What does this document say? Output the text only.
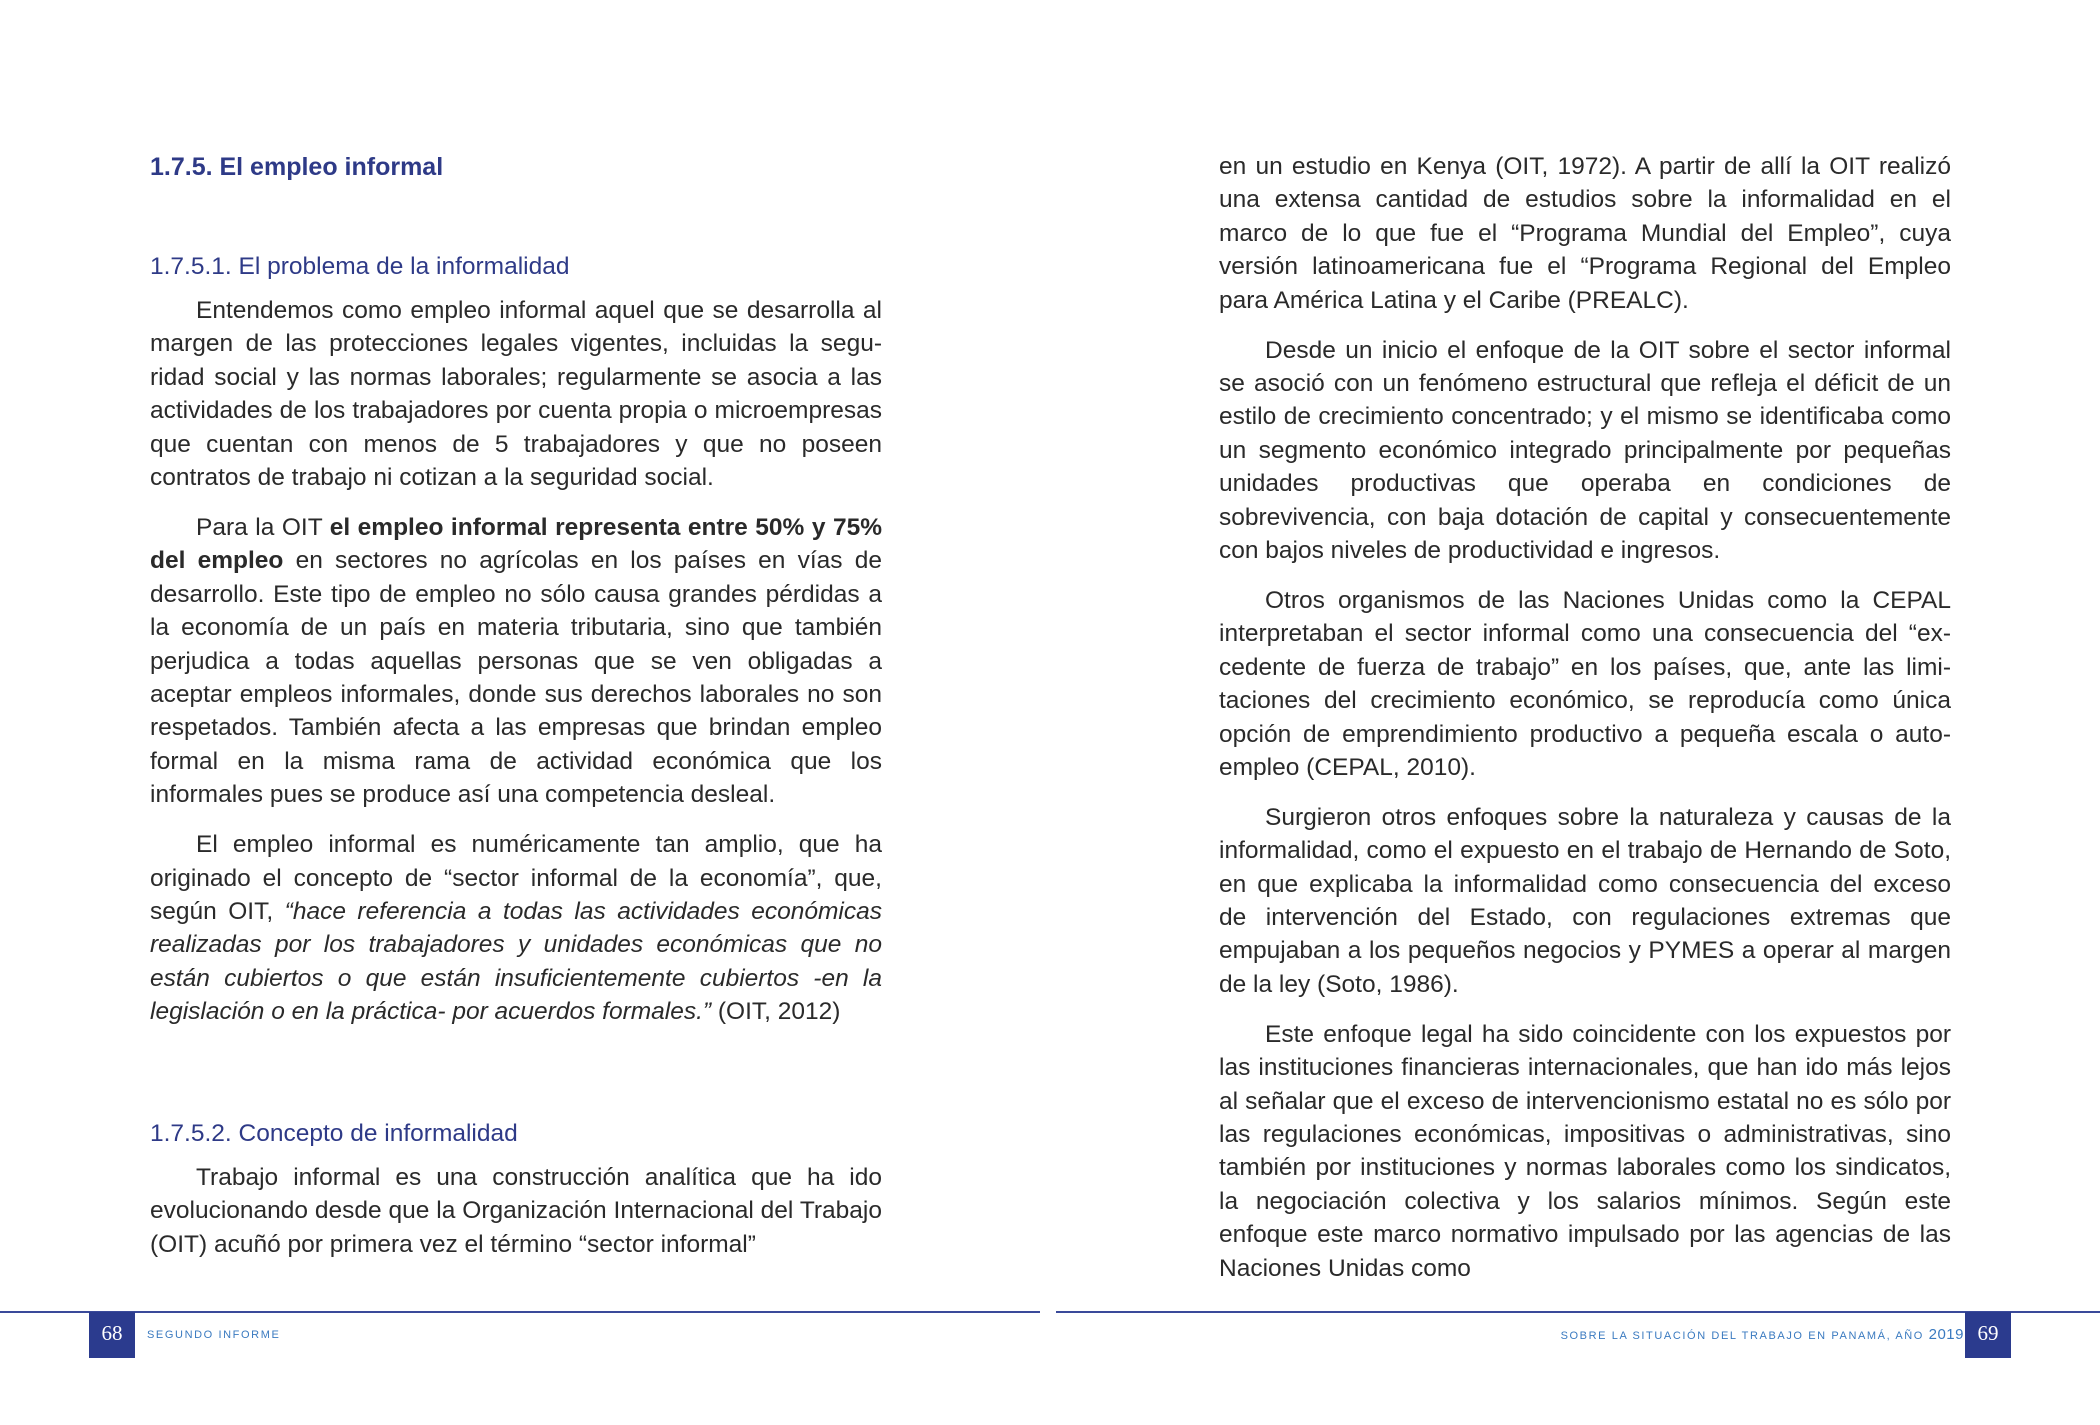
1.7.5. El empleo informal
1.7.5.1. El problema de la informalidad

Entendemos como empleo informal aquel que se desarrolla al margen de las protecciones legales vigentes, incluidas la seguridad social y las normas laborales; regularmente se asocia a las actividades de los trabajadores por cuenta propia o microempresas que cuentan con menos de 5 trabajadores y que no poseen contratos de trabajo ni cotizan a la seguridad social.

Para la OIT el empleo informal representa entre 50% y 75% del empleo en sectores no agrícolas en los países en vías de desarrollo. Este tipo de empleo no sólo causa grandes pérdidas a la economía de un país en materia tributaria, sino que también perjudica a todas aquellas personas que se ven obligadas a aceptar empleos informales, donde sus derechos laborales no son respetados. También afecta a las empresas que brindan empleo formal en la misma rama de actividad económica que los informales pues se produce así una competencia desleal.

El empleo informal es numéricamente tan amplio, que ha originado el concepto de “sector informal de la economía”, que, según OIT, “hace referencia a todas las actividades económicas realizadas por los trabajadores y unidades económicas que no están cubiertos o que están insuficientemente cubiertos -en la legislación o en la práctica- por acuerdos formales.” (OIT, 2012)

1.7.5.2. Concepto de informalidad

Trabajo informal es una construcción analítica que ha ido evolucionando desde que la Organización Internacional del Trabajo (OIT) acuñó por primera vez el término “sector informal”

en un estudio en Kenya (OIT, 1972). A partir de allí la OIT realizó una extensa cantidad de estudios sobre la informalidad en el marco de lo que fue el “Programa Mundial del Empleo”, cuya versión latinoamericana fue el “Programa Regional del Empleo para América Latina y el Caribe (PREALC).

Desde un inicio el enfoque de la OIT sobre el sector informal se asoció con un fenómeno estructural que refleja el déficit de un estilo de crecimiento concentrado; y el mismo se identificaba como un segmento económico integrado principalmente por pequeñas unidades productivas que operaba en condiciones de sobrevivencia, con baja dotación de capital y consecuentemente con bajos niveles de productividad e ingresos.

Otros organismos de las Naciones Unidas como la CEPAL interpretaban el sector informal como una consecuencia del “excedente de fuerza de trabajo” en los países, que, ante las limitaciones del crecimiento económico, se reproducía como única opción de emprendimiento productivo a pequeña escala o autoempleo (CEPAL, 2010).

Surgieron otros enfoques sobre la naturaleza y causas de la informalidad, como el expuesto en el trabajo de Hernando de Soto, en que explicaba la informalidad como consecuencia del exceso de intervención del Estado, con regulaciones extremas que empujaban a los pequeños negocios y PYMES a operar al margen de la ley (Soto, 1986).

Este enfoque legal ha sido coincidente con los expuestos por las instituciones financieras internacionales, que han ido más lejos al señalar que el exceso de intervencionismo estatal no es sólo por las regulaciones económicas, impositivas o administrativas, sino también por instituciones y normas laborales como los sindicatos, la negociación colectiva y los salarios mínimos. Según este enfoque este marco normativo impulsado por las agencias de las Naciones Unidas como

68	SEGUNDO INFORME	SOBRE LA SITUACIÓN DEL TRABAJO EN PANAMÁ, AÑO 2019 69
